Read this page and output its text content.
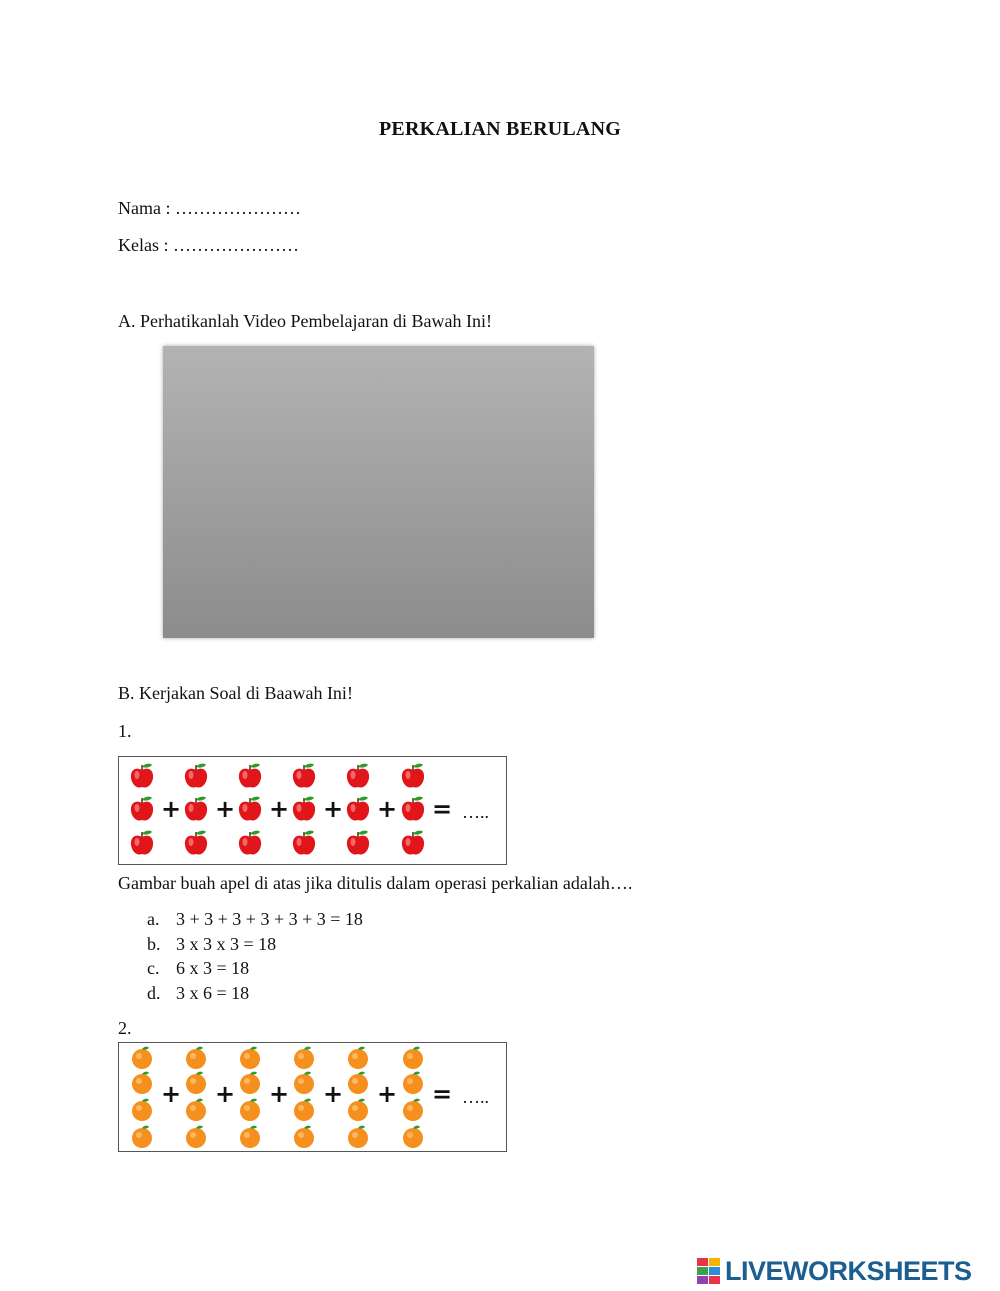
PERKALIAN BERULANG
Nama : …………………
Kelas : …………………
A. Perhatikanlah Video Pembelajaran di Bawah Ini!
B. Kerjakan Soal di Baawah Ini!
1.
+ + + + + = …..
Gambar buah apel di atas jika ditulis dalam operasi perkalian adalah….
a. 3 + 3 + 3 + 3 + 3 + 3 = 18
b. 3 x 3 x 3 = 18
c. 6 x 3 = 18
d. 3 x 6 = 18
2.
+ + + + + = …..
LIVEWORKSHEETS
